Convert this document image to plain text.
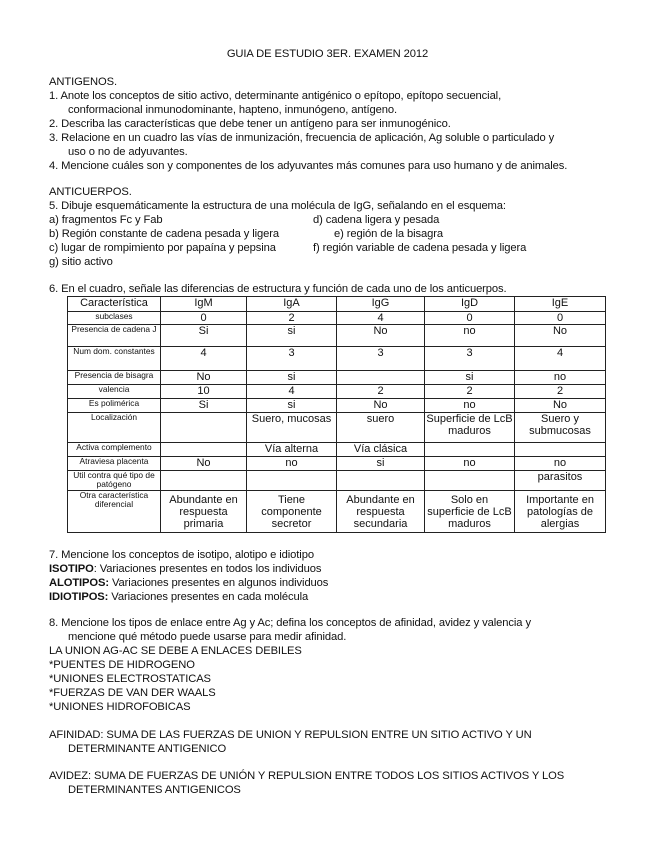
GUIA DE ESTUDIO 3ER. EXAMEN 2012
ANTIGENOS.
1. Anote los conceptos de sitio activo, determinante antigénico o epítopo, epítopo secuencial,
conformacional inmunodominante, hapteno, inmunógeno, antígeno.
2. Describa las características que debe tener un antígeno para ser inmunogénico.
3. Relacione en un cuadro las vías de inmunización, frecuencia de aplicación, Ag soluble o particulado y
uso o no de adyuvantes.
4. Mencione cuáles son y componentes de los adyuvantes más comunes para uso humano y de animales.
ANTICUERPOS.
5. Dibuje esquemáticamente la estructura de una molécula de IgG, señalando en el esquema:
a) fragmentos Fc y Fab	d) cadena ligera y pesada
b) Región constante de cadena pesada y ligera	e) región de la bisagra
c) lugar de rompimiento por papaína y pepsina	f) región variable de cadena pesada y ligera
g) sitio activo
6. En el cuadro, señale las diferencias de estructura y función de cada uno de los anticuerpos.
Característica	IgM	IgA	IgG	IgD	IgE
subclases	0	2	4	0	0
Presencia de cadena J	Si	si	No	no	No
Num dom. constantes	4	3	3	3	4
Presencia de bisagra	No	si		si	no
valencia	10	4	2	2	2
Es polimérica	Si	si	No	no	No
Localización		Suero, mucosas	suero	Superficie de LcB maduros	Suero y submucosas
Activa complemento		Vía alterna	Vía clásica		
Atraviesa placenta	No	no	si	no	no
Util contra qué tipo de patógeno					parasitos
Otra característica diferencial	Abundante en respuesta primaria	Tiene componente secretor	Abundante en respuesta secundaria	Solo en superficie de LcB maduros	Importante en patologías de alergias
7. Mencione los conceptos de isotipo, alotipo e idiotipo
ISOTIPO: Variaciones presentes en todos los individuos
ALOTIPOS: Variaciones presentes en algunos individuos
IDIOTIPOS: Variaciones presentes en cada molécula
8. Mencione los tipos de enlace entre Ag y Ac; defina los conceptos de afinidad, avidez y valencia y
mencione qué método puede usarse para medir afinidad.
LA UNION AG-AC SE DEBE A ENLACES DEBILES
*PUENTES DE HIDROGENO
*UNIONES ELECTROSTATICAS
*FUERZAS DE VAN DER WAALS
*UNIONES HIDROFOBICAS
AFINIDAD: SUMA DE LAS FUERZAS DE UNION Y REPULSION ENTRE UN SITIO ACTIVO Y UN
DETERMINANTE ANTIGENICO
AVIDEZ: SUMA DE FUERZAS DE UNIÓN Y REPULSION ENTRE TODOS LOS SITIOS ACTIVOS Y LOS
DETERMINANTES ANTIGENICOS
